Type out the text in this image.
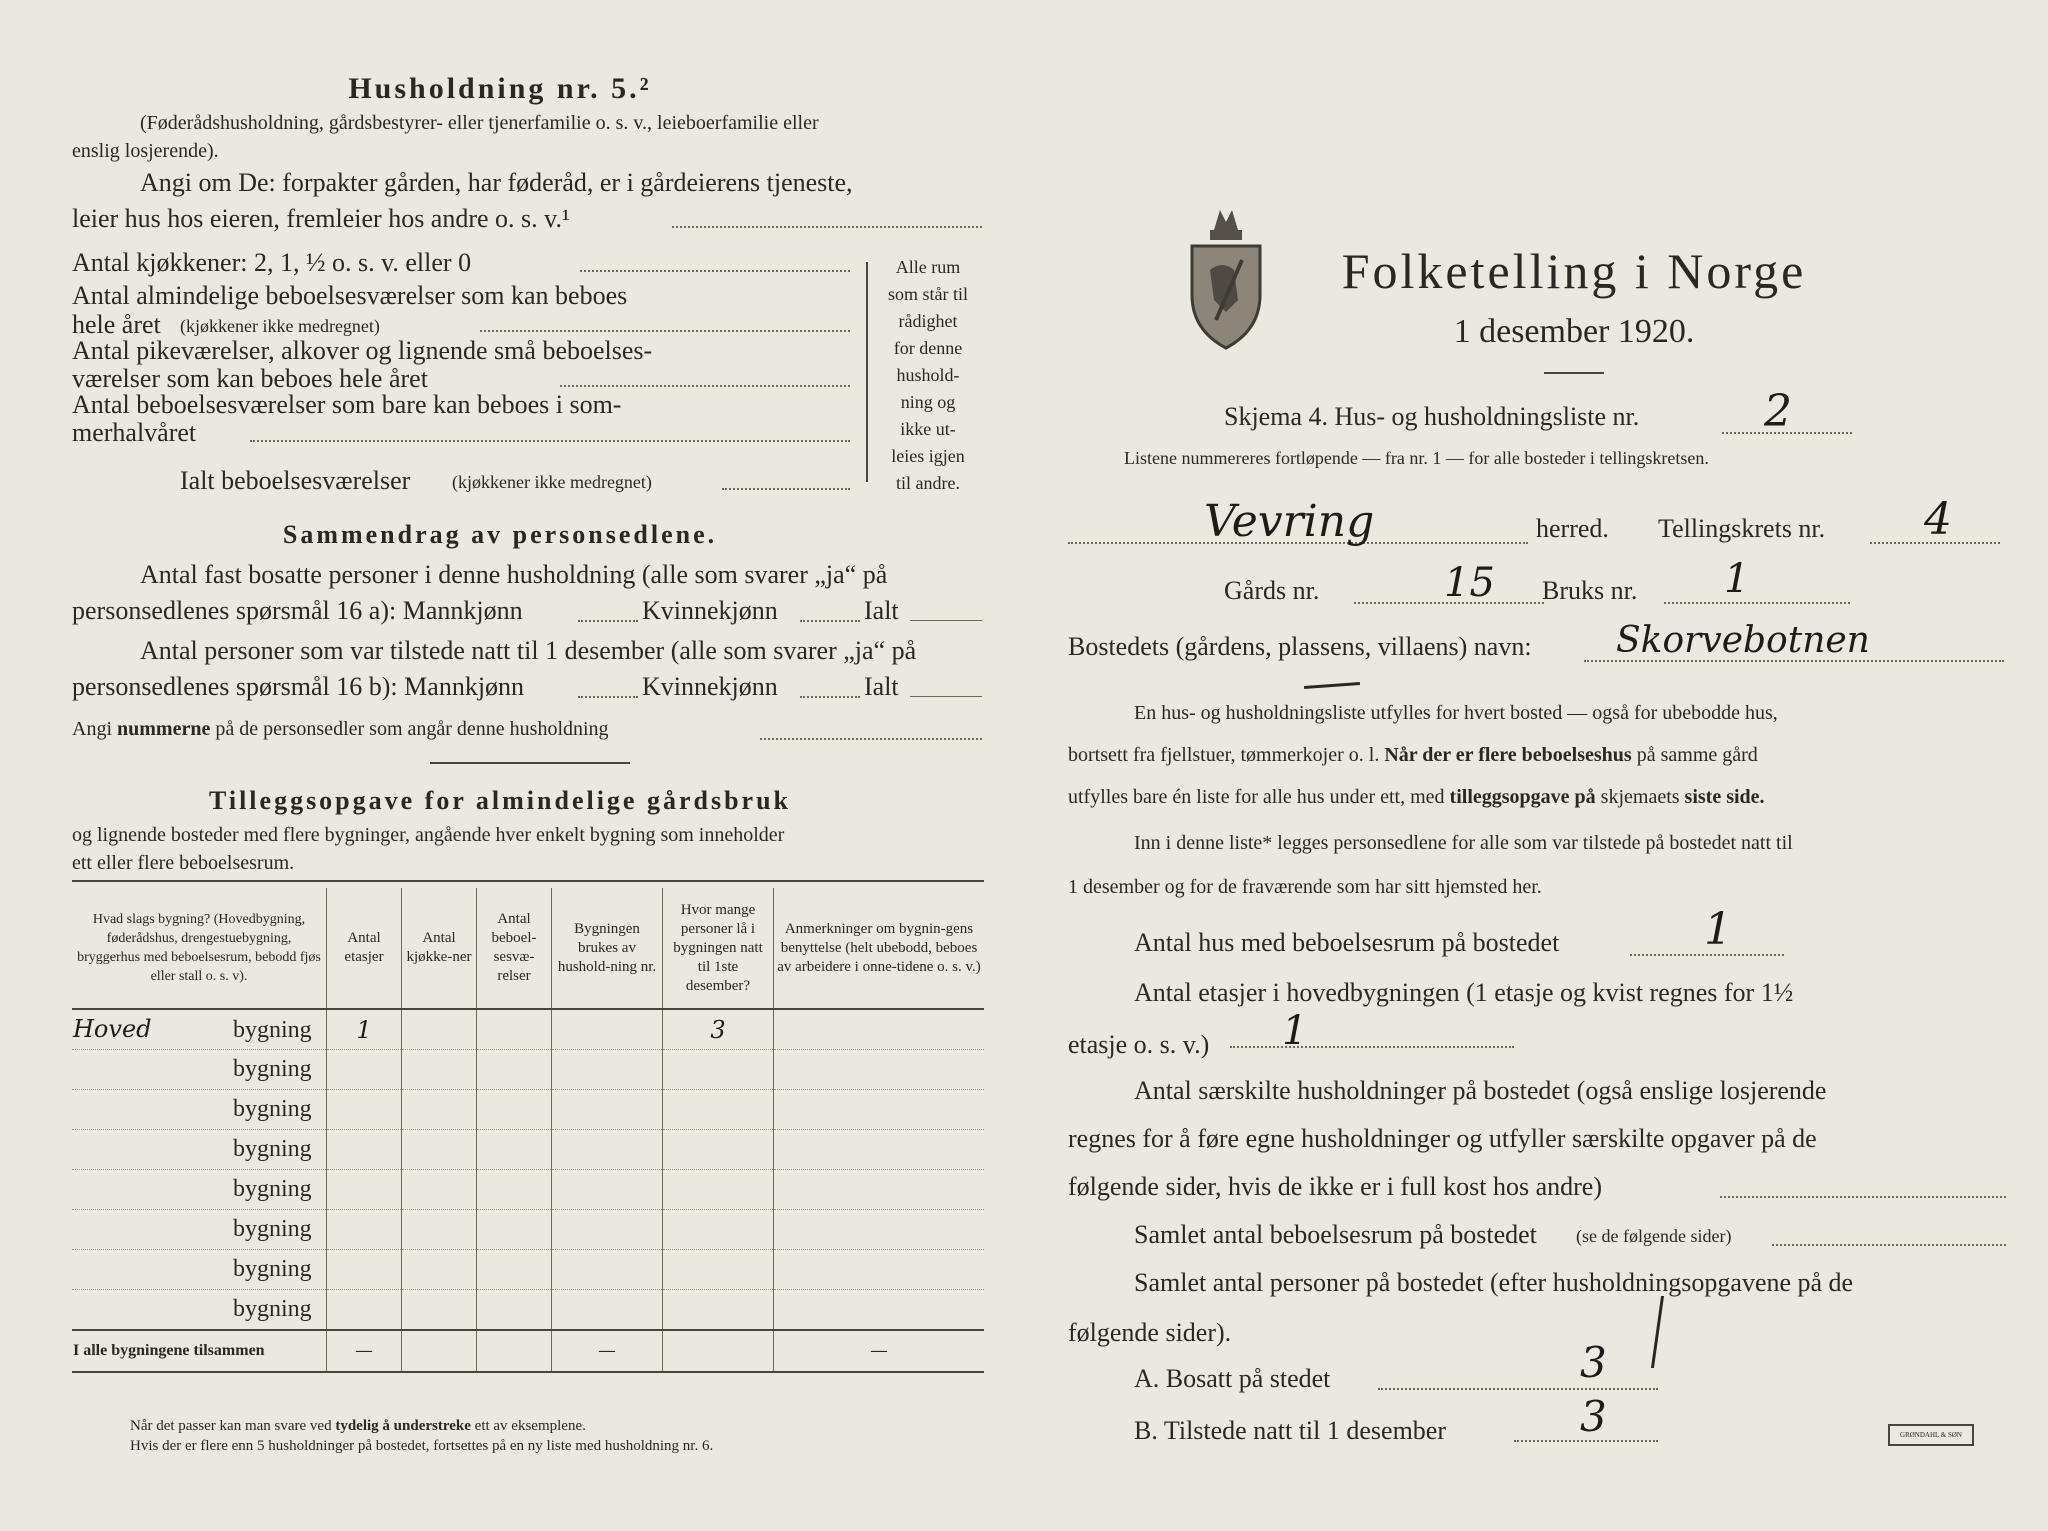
Husholdning nr. 5.²
(Føderådshusholdning, gårdsbestyrer- eller tjenerfamilie o. s. v., leieboerfamilie eller
enslig losjerende).
Angi om De: forpakter gården, har føderåd, er i gårdeierens tjeneste,
leier hus hos eieren, fremleier hos andre o. s. v.¹
Antal kjøkkener: 2, 1, ½ o. s. v. eller 0
Antal almindelige beboelsesværelser som kan beboes
hele året (kjøkkener ikke medregnet)
Antal pikeværelser, alkover og lignende små beboelses-
værelser som kan beboes hele året
Antal beboelsesværelser som bare kan beboes i som-
merhalvåret
Ialt beboelsesværelser (kjøkkener ikke medregnet)
Alle rum
som står til
rådighet
for denne
hushold-
ning og
ikke ut-
leies igjen
til andre.
Sammendrag av personsedlene.
Antal fast bosatte personer i denne husholdning (alle som svarer „ja“ på
personsedlenes spørsmål 16 a): Mannkjønn	Kvinnekjønn	Ialt
Antal personer som var tilstede natt til 1 desember (alle som svarer „ja“ på
personsedlenes spørsmål 16 b): Mannkjønn	Kvinnekjønn	Ialt
Angi nummerne på de personsedler som angår denne husholdning
Tilleggsopgave for almindelige gårdsbruk
og lignende bosteder med flere bygninger, angående hver enkelt bygning som inneholder
ett eller flere beboelsesrum.
Hvad slags bygning? (Hovedbygning, føderådshus, drengestuebygning, bryggerhus med beboelsesrum, bebodd fjøs eller stall o. s. v).	Antal etasjer	Antal kjøkke-ner	Antal beboel-sesvæ-relser	Bygningen brukes av hushold-ning nr.	Hvor mange personer lå i bygningen natt til 1ste desember?	Anmerkninger om bygnin-gens benyttelse (helt ubebodd, beboes av arbeidere i onne-tidene o. s. v.)
Hoved bygning	1				3	
bygning						
bygning						
bygning						
bygning						
bygning						
bygning						
bygning						
I alle bygningene tilsammen	—			—		—
Når det passer kan man svare ved tydelig å understreke ett av eksemplene.
Hvis der er flere enn 5 husholdninger på bostedet, fortsettes på en ny liste med husholdning nr. 6.
Folketelling i Norge
1 desember 1920.
Skjema 4. Hus- og husholdningsliste nr.	2
Listene nummereres fortløpende — fra nr. 1 — for alle bosteder i tellingskretsen.
Vevring	herred. Tellingskrets nr. 4
Gårds nr.	15 Bruks nr. 1
Bostedets (gårdens, plassens, villaens) navn: Skorvebotnen
En hus- og husholdningsliste utfylles for hvert bosted — også for ubebodde hus,
bortsett fra fjellstuer, tømmerkojer o. l. Når der er flere beboelseshus på samme gård
utfylles bare én liste for alle hus under ett, med tilleggsopgave på skjemaets siste side.
Inn i denne liste* legges personsedlene for alle som var tilstede på bostedet natt til
1 desember og for de fraværende som har sitt hjemsted her.
Antal hus med beboelsesrum på bostedet	1
Antal etasjer i hovedbygningen (1 etasje og kvist regnes for 1½
etasje o. s. v.) 1
Antal særskilte husholdninger på bostedet (også enslige losjerende
regnes for å føre egne husholdninger og utfyller særskilte opgaver på de
følgende sider, hvis de ikke er i full kost hos andre)
Samlet antal beboelsesrum på bostedet (se de følgende sider)
Samlet antal personer på bostedet (efter husholdningsopgavene på de
følgende sider).
A. Bosatt på stedet	3
B. Tilstede natt til 1 desember	3	GRØNDAHL & SØN
